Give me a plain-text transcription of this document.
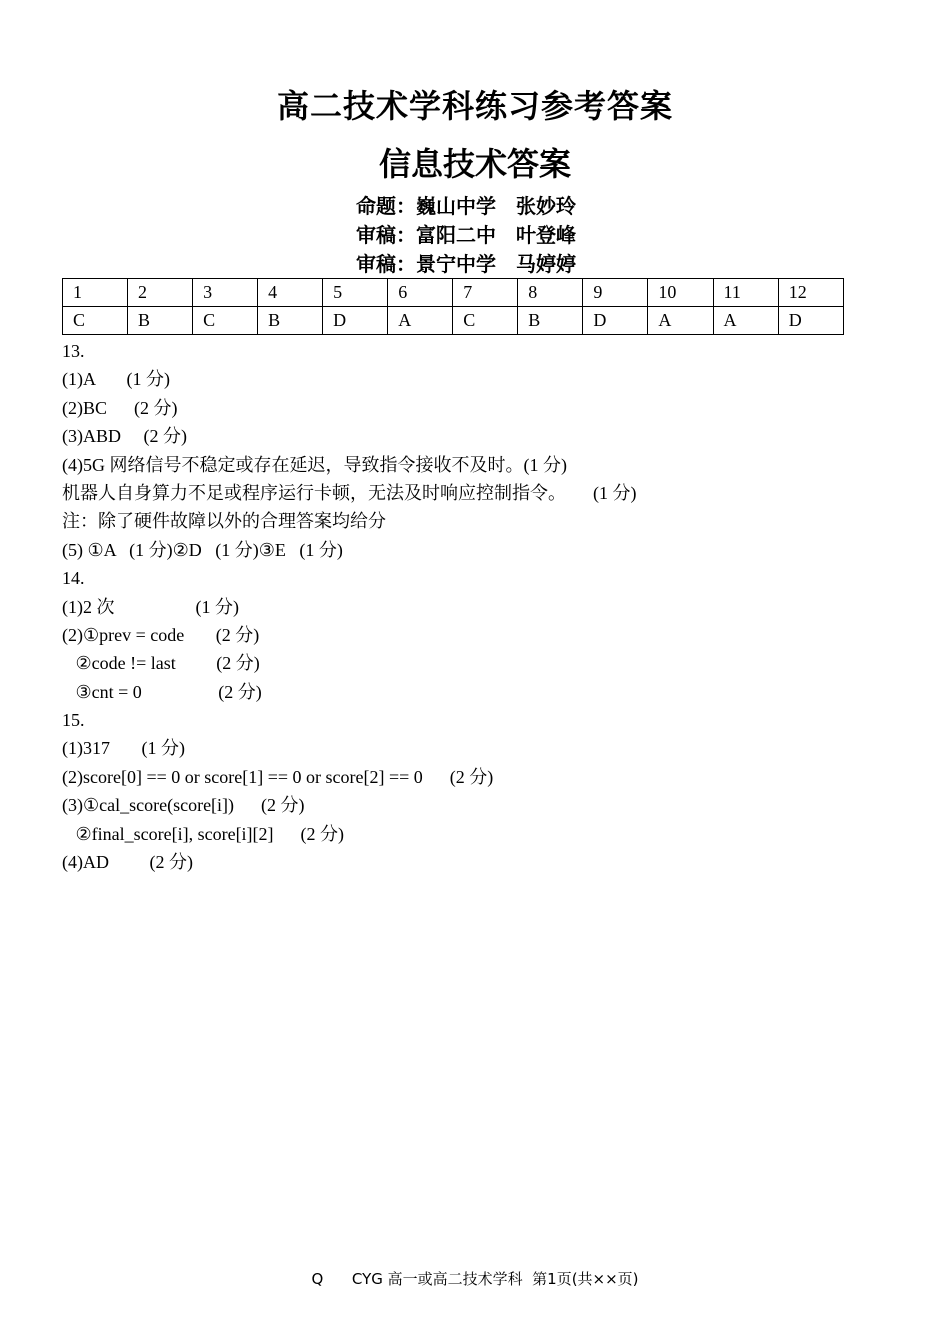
高二技术学科练习参考答案
信息技术答案
命题：巍山中学　张妙玲
审稿：富阳二中　叶登峰
审稿：景宁中学　马婷婷
1	2	3	4	5	6	7	8	9	10	11	12
C	B	C	B	D	A	C	B	D	A	A	D
13.
(1)A       (1 分)
(2)BC      (2 分)
(3)ABD     (2 分)
(4)5G 网络信号不稳定或存在延迟，导致指令接收不及时。(1 分)
机器人自身算力不足或程序运行卡顿，无法及时响应控制指令。      (1 分)
注：除了硬件故障以外的合理答案均给分
(5) ①A   (1 分)②D   (1 分)③E   (1 分)
14.
(1)2 次                  (1 分)
(2)①prev = code       (2 分)
②code != last         (2 分)
③cnt = 0                 (2 分)
15.
(1)317       (1 分)
(2)score[0] == 0 or score[1] == 0 or score[2] == 0      (2 分)
(3)①cal_score(score[i])      (2 分)
②final_score[i], score[i][2]      (2 分)
(4)AD         (2 分)
Q      CYG 高一或高二技术学科  第1页(共××页)
